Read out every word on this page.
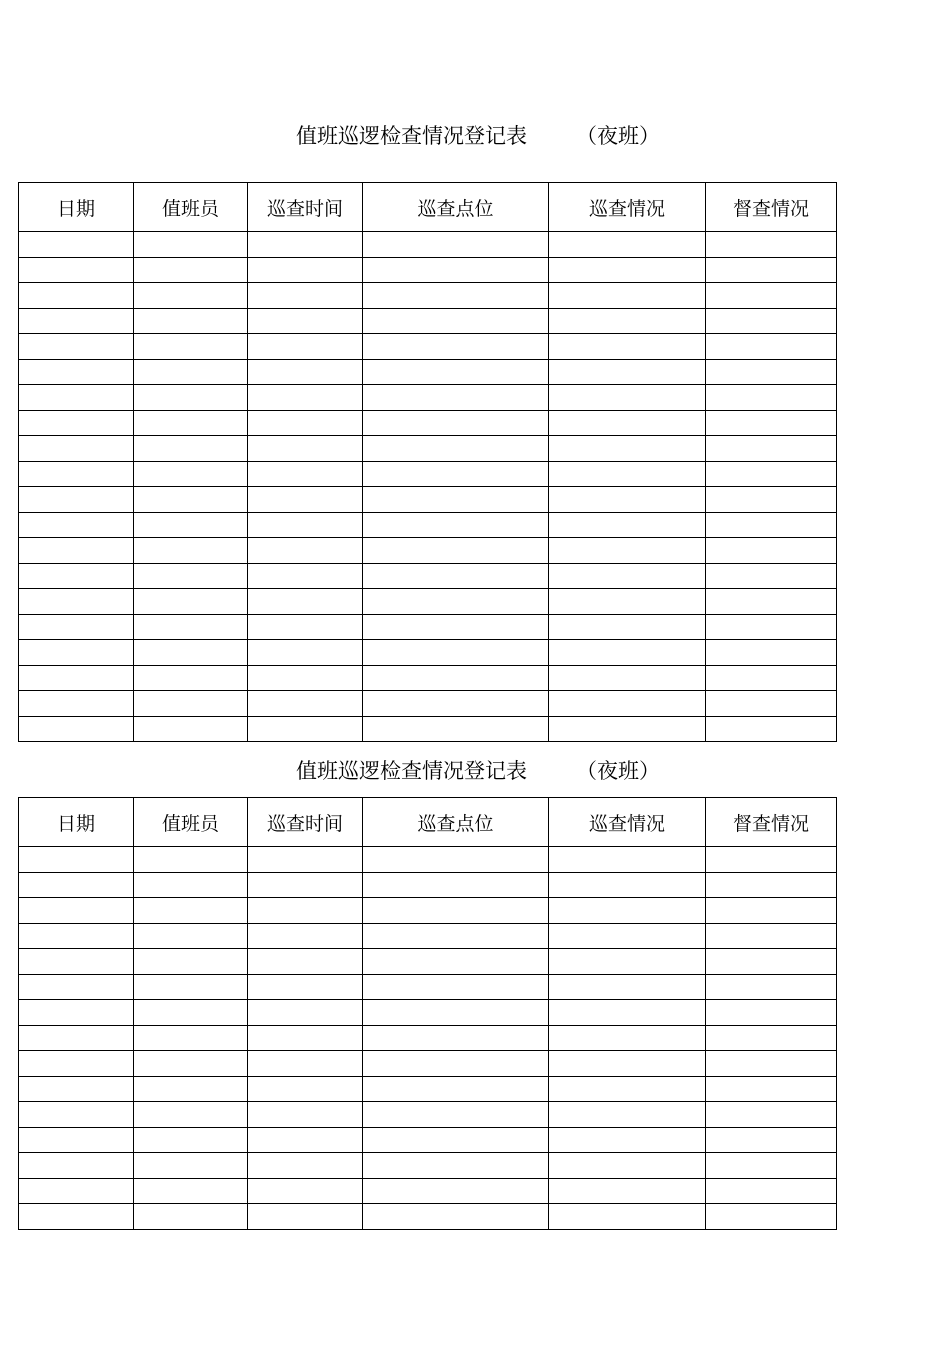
值班巡逻检查情况登记表 （夜班）
日期	值班员	巡查时间	巡查点位	巡查情况	督查情况

值班巡逻检查情况登记表 （夜班）
日期	值班员	巡查时间	巡查点位	巡查情况	督查情况
